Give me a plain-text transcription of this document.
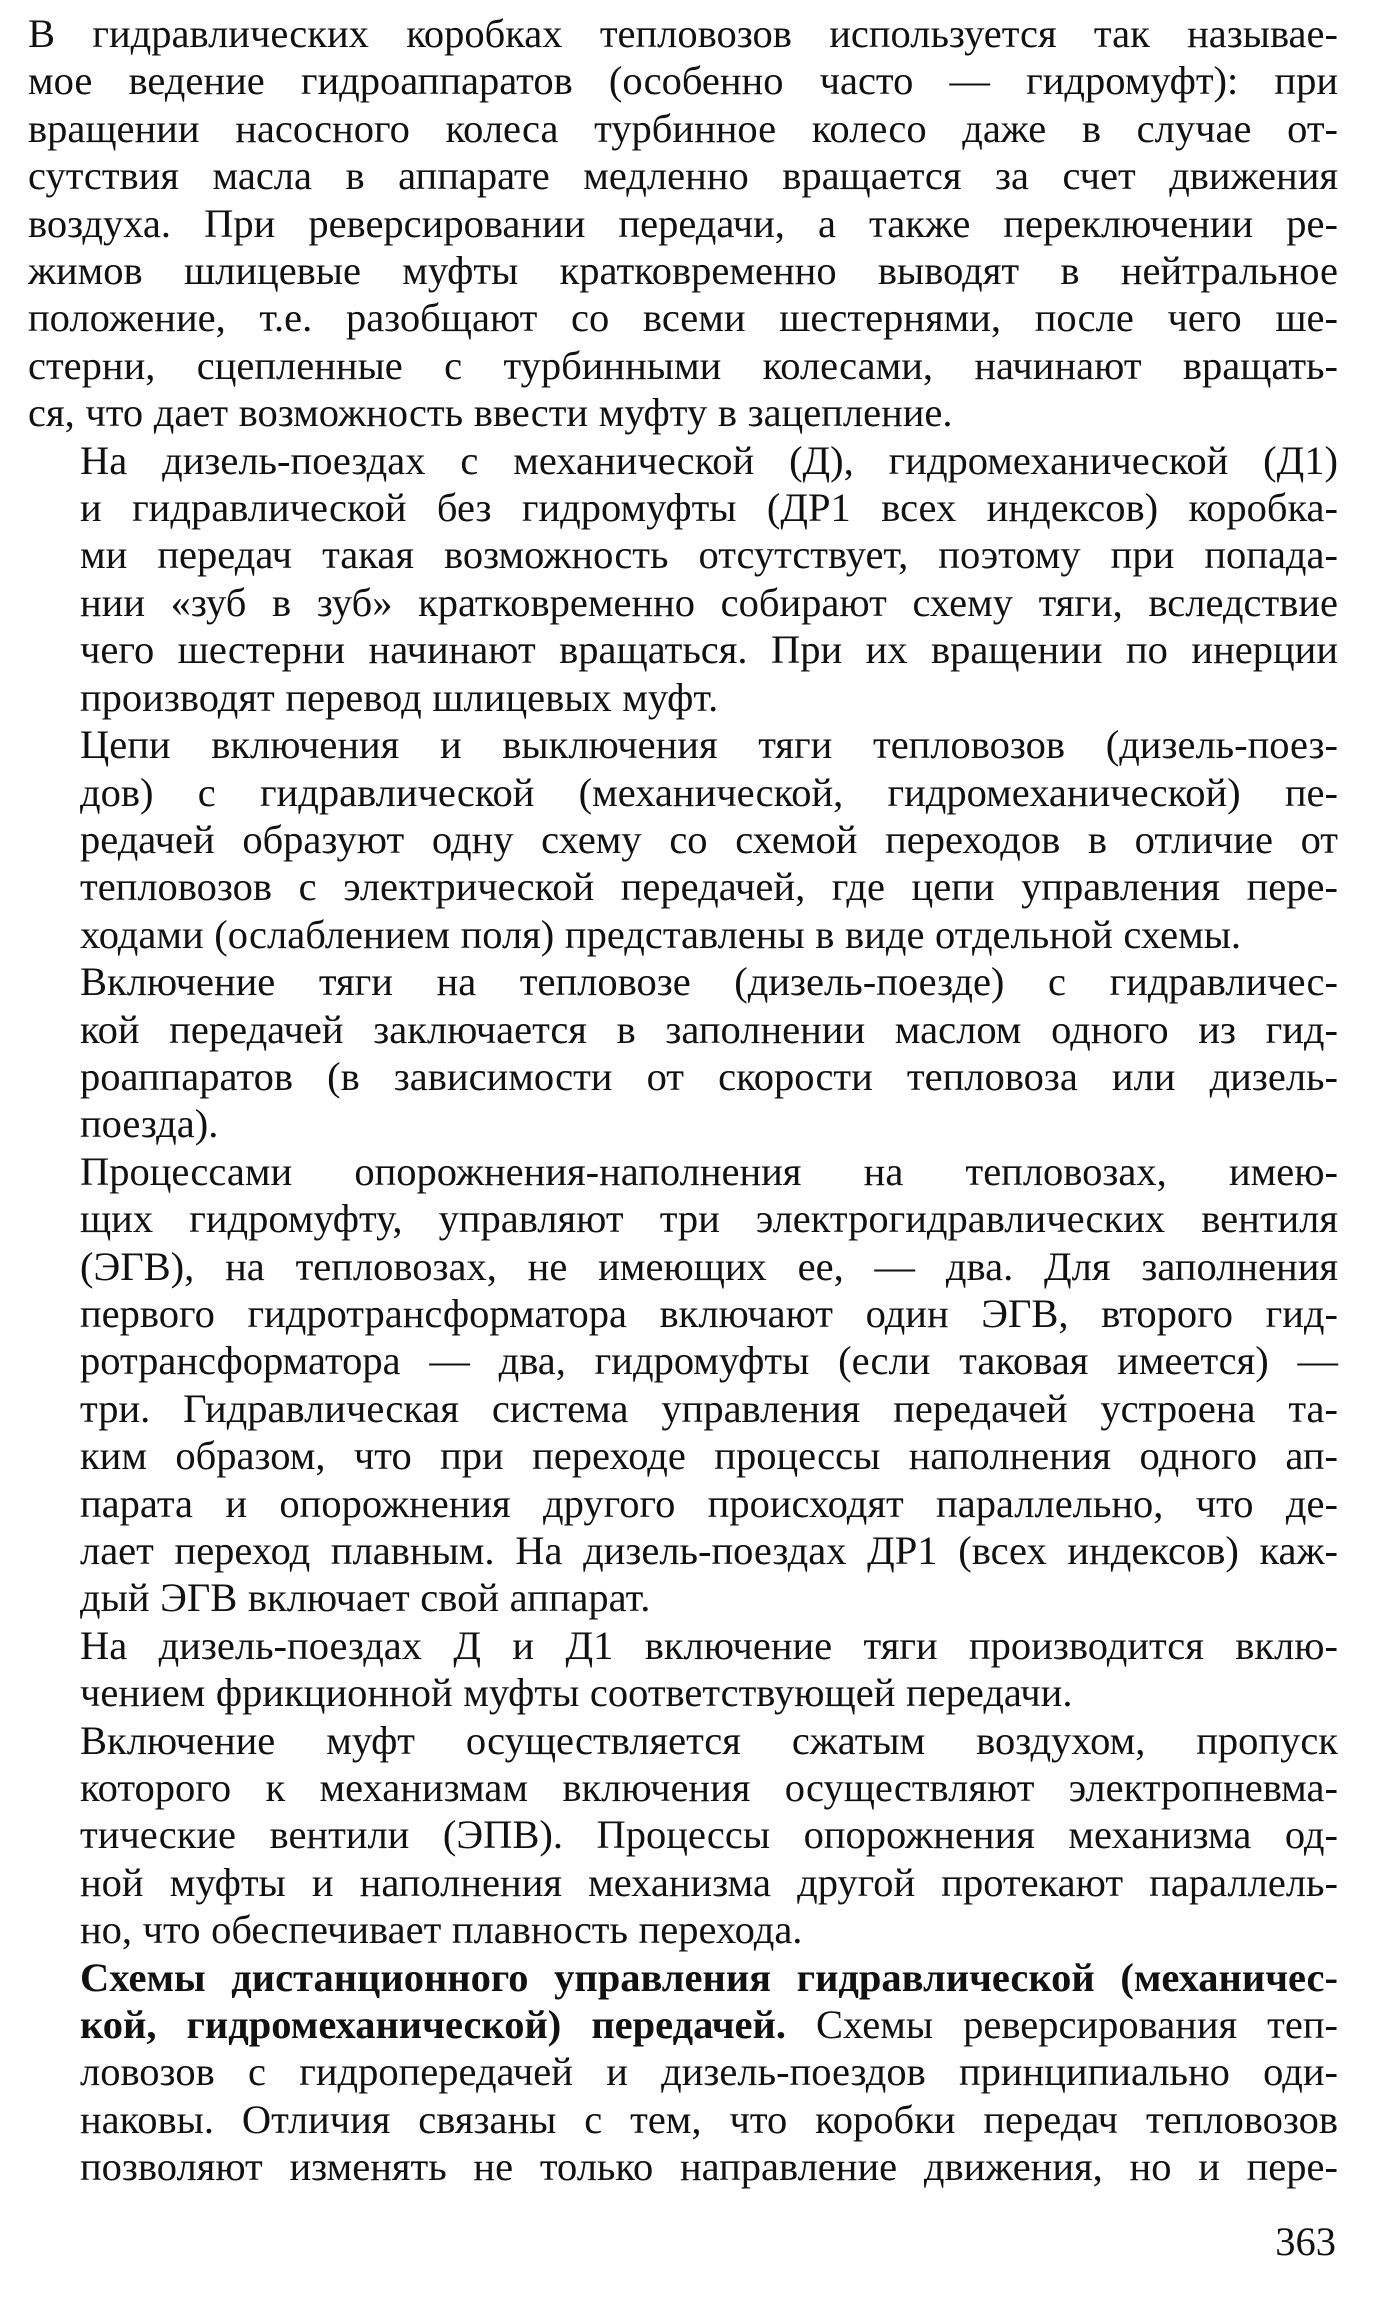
В гидравлических коробках тепловозов используется так называе-
мое ведение гидроаппаратов (особенно часто — гидромуфт): при
вращении насосного колеса турбинное колесо даже в случае от-
сутствия масла в аппарате медленно вращается за счет движения
воздуха. При реверсировании передачи, а также переключении ре-
жимов шлицевые муфты кратковременно выводят в нейтральное
положение, т.е. разобщают со всеми шестернями, после чего ше-
стерни, сцепленные с турбинными колесами, начинают вращать-
ся, что дает возможность ввести муфту в зацепление.
На дизель-поездах с механической (Д), гидромеханической (Д1)
и гидравлической без гидромуфты (ДР1 всех индексов) коробка-
ми передач такая возможность отсутствует, поэтому при попада-
нии «зуб в зуб» кратковременно собирают схему тяги, вследствие
чего шестерни начинают вращаться. При их вращении по инерции
производят перевод шлицевых муфт.
Цепи включения и выключения тяги тепловозов (дизель-поез-
дов) с гидравлической (механической, гидромеханической) пе-
редачей образуют одну схему со схемой переходов в отличие от
тепловозов с электрической передачей, где цепи управления пере-
ходами (ослаблением поля) представлены в виде отдельной схемы.
Включение тяги на тепловозе (дизель-поезде) с гидравличес-
кой передачей заключается в заполнении маслом одного из гид-
роаппаратов (в зависимости от скорости тепловоза или дизель-
поезда).
Процессами опорожнения-наполнения на тепловозах, имею-
щих гидромуфту, управляют три электрогидравлических вентиля
(ЭГВ), на тепловозах, не имеющих ее, — два. Для заполнения
первого гидротрансформатора включают один ЭГВ, второго гид-
ротрансформатора — два, гидромуфты (если таковая имеется) —
три. Гидравлическая система управления передачей устроена та-
ким образом, что при переходе процессы наполнения одного ап-
парата и опорожнения другого происходят параллельно, что де-
лает переход плавным. На дизель-поездах ДР1 (всех индексов) каж-
дый ЭГВ включает свой аппарат.
На дизель-поездах Д и Д1 включение тяги производится вклю-
чением фрикционной муфты соответствующей передачи.
Включение муфт осуществляется сжатым воздухом, пропуск
которого к механизмам включения осуществляют электропневма-
тические вентили (ЭПВ). Процессы опорожнения механизма од-
ной муфты и наполнения механизма другой протекают параллель-
но, что обеспечивает плавность перехода.
Схемы дистанционного управления гидравлической (механичес-
кой, гидромеханической) передачей. Схемы реверсирования теп-
ловозов с гидропередачей и дизель-поездов принципиально оди-
наковы. Отличия связаны с тем, что коробки передач тепловозов
позволяют изменять не только направление движения, но и пере-
363
